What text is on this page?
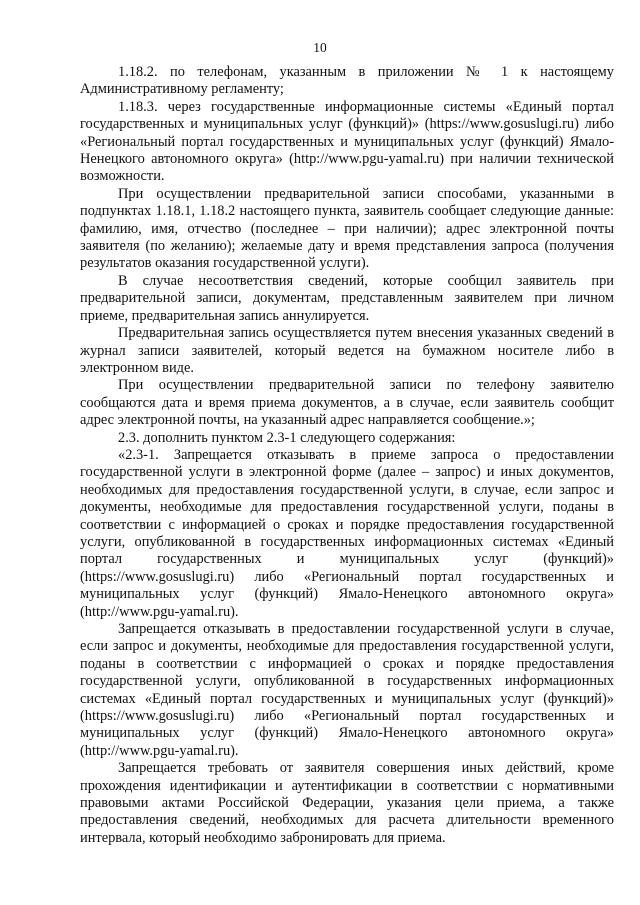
10

1.18.2. по телефонам, указанным в приложении № 1 к настоящему Административному регламенту;

1.18.3. через государственные информационные системы «Единый портал государственных и муниципальных услуг (функций)» (https://www.gosuslugi.ru) либо «Региональный портал государственных и муниципальных услуг (функций) Ямало-Ненецкого автономного округа» (http://www.pgu-yamal.ru) при наличии технической возможности.

При осуществлении предварительной записи способами, указанными в подпунктах 1.18.1, 1.18.2 настоящего пункта, заявитель сообщает следующие данные: фамилию, имя, отчество (последнее – при наличии); адрес электронной почты заявителя (по желанию); желаемые дату и время представления запроса (получения результатов оказания государственной услуги).

В случае несоответствия сведений, которые сообщил заявитель при предварительной записи, документам, представленным заявителем при личном приеме, предварительная запись аннулируется.

Предварительная запись осуществляется путем внесения указанных сведений в журнал записи заявителей, который ведется на бумажном носителе либо в электронном виде.

При осуществлении предварительной записи по телефону заявителю сообщаются дата и время приема документов, а в случае, если заявитель сообщит адрес электронной почты, на указанный адрес направляется сообщение.»;

2.3. дополнить пунктом 2.3-1 следующего содержания:

«2.3-1. Запрещается отказывать в приеме запроса о предоставлении государственной услуги в электронной форме (далее – запрос) и иных документов, необходимых для предоставления государственной услуги, в случае, если запрос и документы, необходимые для предоставления государственной услуги, поданы в соответствии с информацией о сроках и порядке предоставления государственной услуги, опубликованной в государственных информационных системах «Единый портал государственных и муниципальных услуг (функций)» (https://www.gosuslugi.ru) либо «Региональный портал государственных и муниципальных услуг (функций) Ямало-Ненецкого автономного округа» (http://www.pgu-yamal.ru).

Запрещается отказывать в предоставлении государственной услуги в случае, если запрос и документы, необходимые для предоставления государственной услуги, поданы в соответствии с информацией о сроках и порядке предоставления государственной услуги, опубликованной в государственных информационных системах «Единый портал государственных и муниципальных услуг (функций)» (https://www.gosuslugi.ru) либо «Региональный портал государственных и муниципальных услуг (функций) Ямало-Ненецкого автономного округа» (http://www.pgu-yamal.ru).

Запрещается требовать от заявителя совершения иных действий, кроме прохождения идентификации и аутентификации в соответствии с нормативными правовыми актами Российской Федерации, указания цели приема, а также предоставления сведений, необходимых для расчета длительности временного интервала, который необходимо забронировать для приема.
